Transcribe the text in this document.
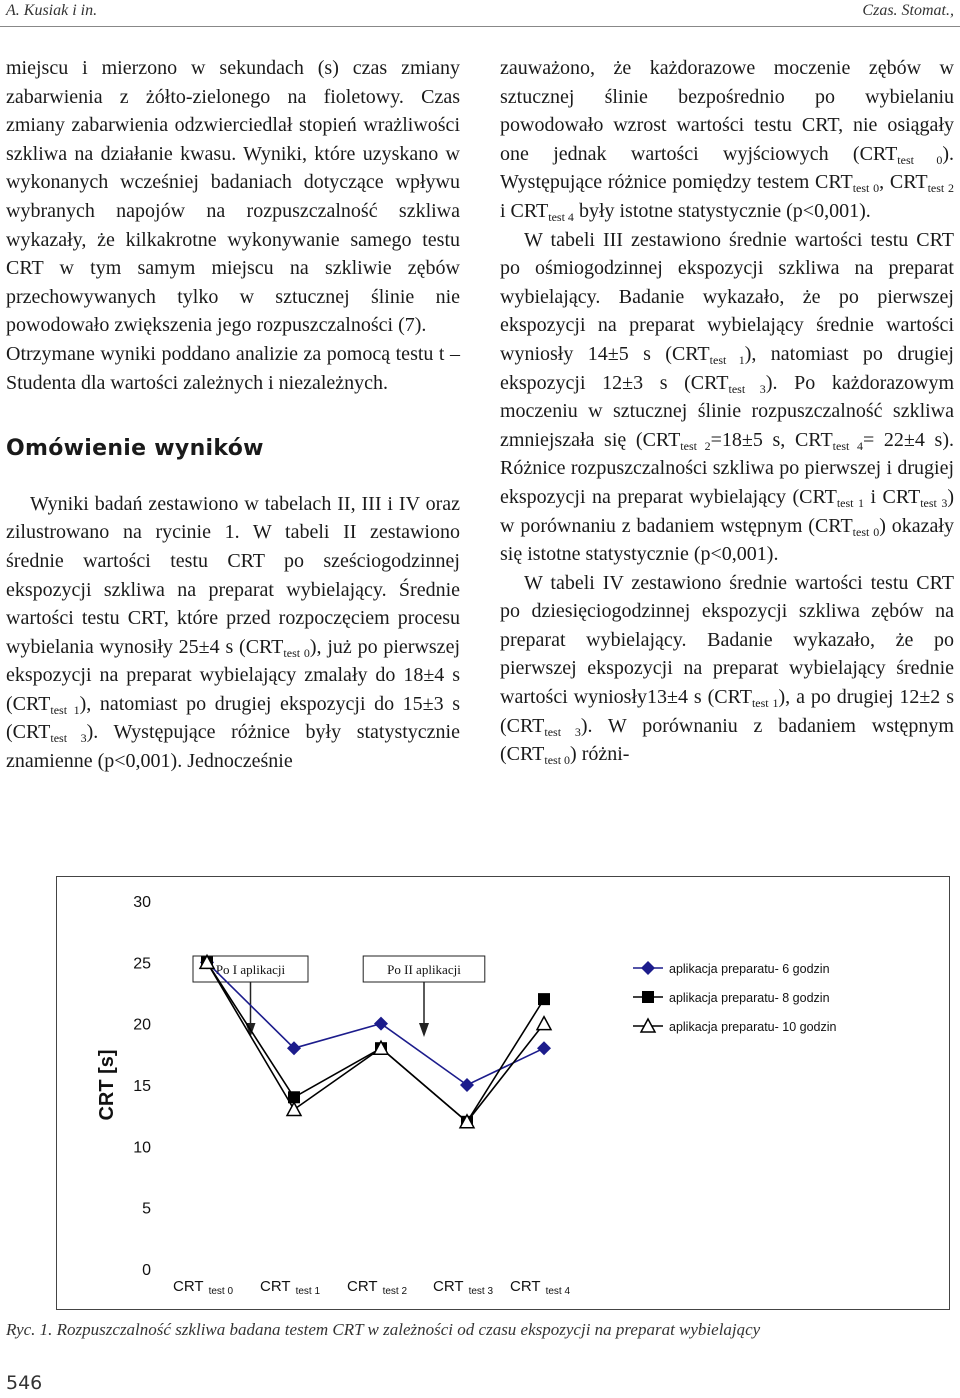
A. Kusiak i in.	Czas. Stomat.,

miejscu i mierzono w sekundach (s) czas zmiany zabarwienia z żółto-zielonego na fioletowy. Czas zmiany zabarwienia odzwierciedlał stopień wrażliwości szkliwa na działanie kwasu. Wyniki, które uzyskano w wykonanych wcześniej badaniach dotyczące wpływu wybranych napojów na rozpuszczalność szkliwa wykazały, że kilkakrotne wykonywanie samego testu CRT w tym samym miejscu na szkliwie zębów przechowywanych tylko w sztucznej ślinie nie powodowało zwiększenia jego rozpuszczalności (7).

Otrzymane wyniki poddano analizie za pomocą testu t – Studenta dla wartości zależnych i niezależnych.

Omówienie wyników

Wyniki badań zestawiono w tabelach II, III i IV oraz zilustrowano na rycinie 1. W tabeli II zestawiono średnie wartości testu CRT po sześciogodzinnej ekspozycji szkliwa na preparat wybielający. Średnie wartości testu CRT, które przed rozpoczęciem procesu wybielania wynosiły 25±4 s $(CRT_{test 0})$, już po pierwszej ekspozycji na preparat wybielający zmalały do 18±4 s $(CRT_{test 1})$, natomiast po drugiej ekspozycji do 15±3 s $(CRT_{test 3})$. Występujące różnice były statystycznie znamienne (p<0,001). Jednocześnie

zauważono, że każdorazowe moczenie zębów w sztucznej ślinie bezpośrednio po wybielaniu powodowało wzrost wartości testu CRT, nie osiągały one jednak wartości wyjściowych $(CRT_{test 0})$. Występujące różnice pomiędzy testem $CRT_{test 0}$, $CRT_{test 2}$ i $CRT_{test 4}$ były istotne statystycznie (p<0,001).

W tabeli III zestawiono średnie wartości testu CRT po ośmiogodzinnej ekspozycji szkliwa na preparat wybielający. Badanie wykazało, że po pierwszej ekspozycji na preparat wybielający średnie wartości wyniosły 14±5 s $(CRT_{test 1})$, natomiast po drugiej ekspozycji 12±3 s $(CRT_{test 3})$. Po każdorazowym moczeniu w sztucznej ślinie rozpuszczalność szkliwa zmniejszała się ($CRT_{test 2}=18\pm 5$ s, $CRT_{test 4}= 22\pm 4$ s). Różnice rozpuszczalności szkliwa po pierwszej i drugiej ekspozycji na preparat wybielający ($CRT_{test 1}$ i $CRT_{test 3}$) w porównaniu z badaniem wstępnym $(CRT_{test 0})$ okazały się istotne statystycznie (p<0,001).

W tabeli IV zestawiono średnie wartości testu CRT po dziesięciogodzinnej ekspozycji szkliwa zębów na preparat wybielający. Badanie wykazało, że po pierwszej ekspozycji na preparat wybielający średnie wartości wyniosły13±4 s $(CRT_{test 1})$, a po drugiej 12±2 s $(CRT_{test 3})$. W porównaniu z badaniem wstępnym $(CRT_{test 0})$ różni-

0
5
10
15
20
25
30
CRT [s]
CRT $_{test 0}$ CRT $_{test 1}$ CRT $_{test 2}$ CRT $_{test 3}$ CRT $_{test 4}$
Po I aplikacji	Po II aplikacji	aplikacja preparatu- 6 godzin
aplikacja preparatu- 8 godzin
aplikacja preparatu- 10 godzin
Ryc. 1. Rozpuszczalność szkliwa badana testem CRT w zależności od czasu ekspozycji na preparat wybielający
546
